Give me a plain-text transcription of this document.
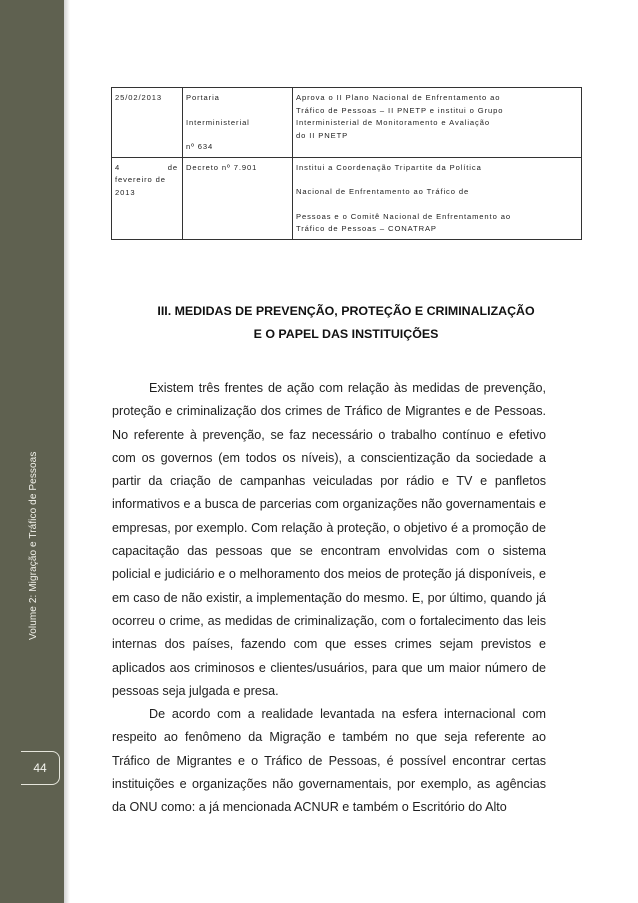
Volume 2: Migração e Tráfico de Pessoas
44
25/02/2013	Portaria
Interministerial
nº 634	Aprova o II Plano Nacional de Enfrentamento ao
Tráfico de Pessoas – II PNETP e institui o Grupo
Interministerial de Monitoramento e Avaliação
do II PNETP

4 de
fevereiro de
2013	Decreto nº 7.901	Institui a Coordenação Tripartite da Política
Nacional de Enfrentamento ao Tráfico de
Pessoas e o Comitê Nacional de Enfrentamento ao
Tráfico de Pessoas – CONATRAP
III. MEDIDAS DE PREVENÇÃO, PROTEÇÃO E CRIMINALIZAÇÃO
E O PAPEL DAS INSTITUIÇÕES

Existem três frentes de ação com relação às medidas de prevenção, proteção e criminalização dos crimes de Tráfico de Migrantes e de Pessoas. No referente à prevenção, se faz necessário o trabalho contínuo e efetivo com os governos (em todos os níveis), a conscientização da sociedade a partir da criação de campanhas veiculadas por rádio e TV e panfletos informativos e a busca de parcerias com organizações não governamentais e empresas, por exemplo. Com relação à proteção, o objetivo é a promoção de capacitação das pessoas que se encontram envolvidas com o sistema policial e judiciário e o melhoramento dos meios de proteção já disponíveis, e em caso de não existir, a implementação do mesmo. E, por último, quando já ocorreu o crime, as medidas de criminalização, com o fortalecimento das leis internas dos países, fazendo com que esses crimes sejam previstos e aplicados aos criminosos e clientes/usuários, para que um maior número de pessoas seja julgada e presa.

De acordo com a realidade levantada na esfera internacional com respeito ao fenômeno da Migração e também no que seja referente ao Tráfico de Migrantes e o Tráfico de Pessoas, é possível encontrar certas instituições e organizações não governamentais, por exemplo, as agências da ONU como: a já mencionada ACNUR e também o Escritório do Alto
